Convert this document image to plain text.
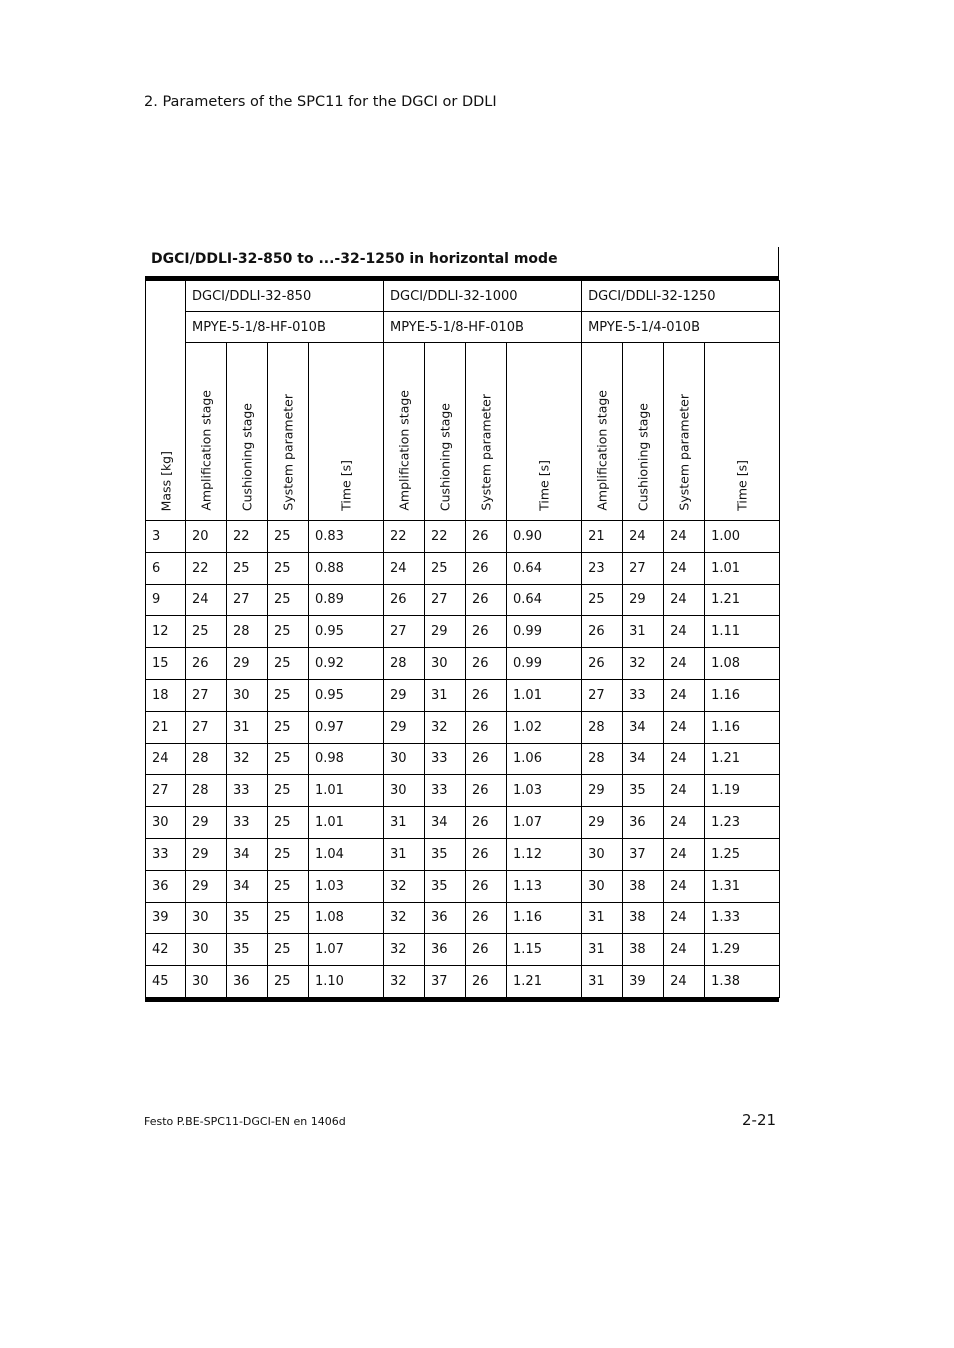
2. Parameters of the SPC11 for the DGCI or DDLI
DGCI/DDLI-32-850 to ...-32-1250 in horizontal mode
Mass [kg]	DGCI/DDLI-32-850				DGCI/DDLI-32-1000				DGCI/DDLI-32-1250			
	MPYE-5-1/8-HF-010B				MPYE-5-1/8-HF-010B				MPYE-5-1/4-010B			

	Amplification stage	Cushioning stage	System parameter	Time [s]	Amplification stage	Cushioning stage	System parameter	Time [s]	Amplification stage	Cushioning stage	System parameter	Time [s]

3	20	22	25	0.83	22	22	26	0.90	21	24	24	1.00
6	22	25	25	0.88	24	25	26	0.64	23	27	24	1.01
9	24	27	25	0.89	26	27	26	0.64	25	29	24	1.21
12	25	28	25	0.95	27	29	26	0.99	26	31	24	1.11
15	26	29	25	0.92	28	30	26	0.99	26	32	24	1.08
18	27	30	25	0.95	29	31	26	1.01	27	33	24	1.16
21	27	31	25	0.97	29	32	26	1.02	28	34	24	1.16
24	28	32	25	0.98	30	33	26	1.06	28	34	24	1.21
27	28	33	25	1.01	30	33	26	1.03	29	35	24	1.19
30	29	33	25	1.01	31	34	26	1.07	29	36	24	1.23
33	29	34	25	1.04	31	35	26	1.12	30	37	24	1.25
36	29	34	25	1.03	32	35	26	1.13	30	38	24	1.31
39	30	35	25	1.08	32	36	26	1.16	31	38	24	1.33
42	30	35	25	1.07	32	36	26	1.15	31	38	24	1.29
45	30	36	25	1.10	32	37	26	1.21	31	39	24	1.38
Festo P.BE-SPC11-DGCI-EN en 1406d	2-21
